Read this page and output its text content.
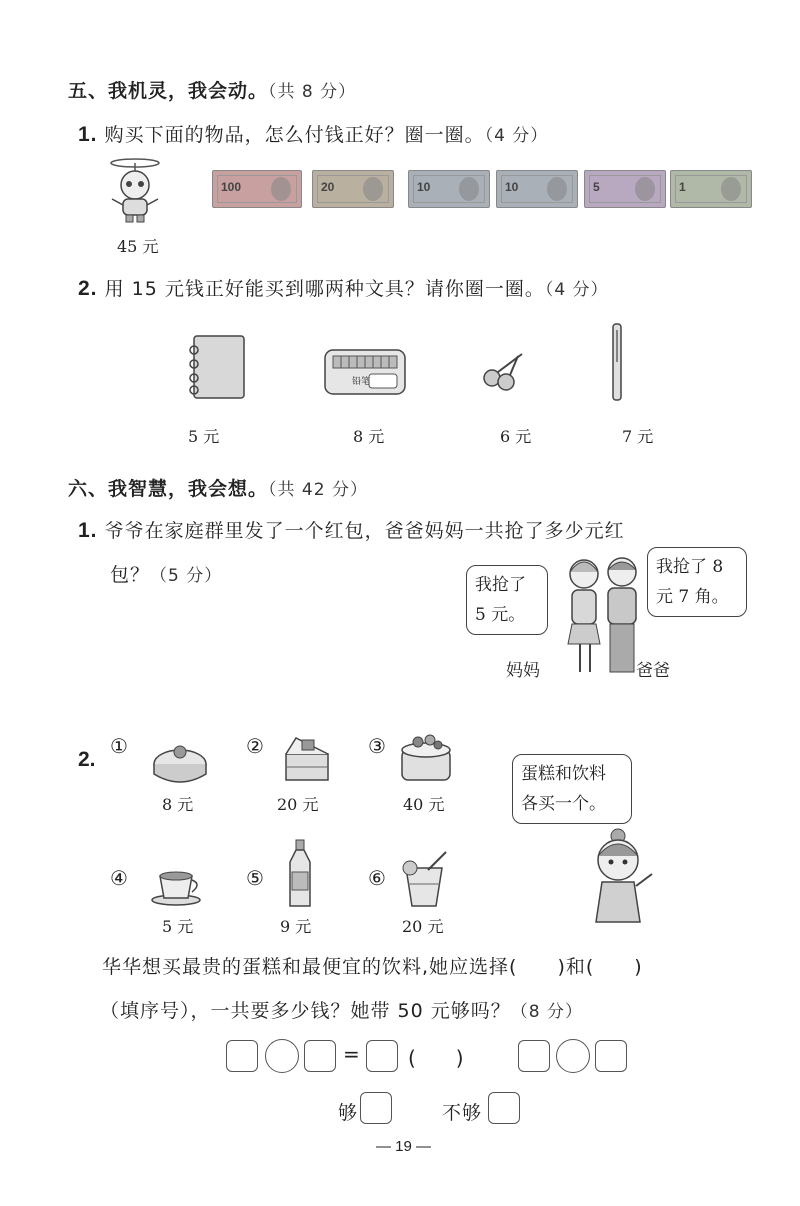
五、我机灵，我会动。（共 8 分）
1. 购买下面的物品，怎么付钱正好？圈一圈。（4 分）
45 元
100	20	10	10	5	1
2. 用 15 元钱正好能买到哪两种文具？请你圈一圈。（4 分）
铅笔
5 元	8 元	6 元	7 元
六、我智慧，我会想。（共 42 分）
1. 爷爷在家庭群里发了一个红包，爸爸妈妈一共抢了多少元红
包？（5 分）	我抢了
5 元。
我抢了 8
元 7 角。
妈妈	爸爸
2.
①
8 元
②
20 元
③
40 元
④
5 元
⑤
9 元
⑥
20 元
蛋糕和饮料
各买一个。
华华想买最贵的蛋糕和最便宜的饮料,她应选择(　　)和(　　)
（填序号），一共要多少钱？她带 50 元够吗？（8 分）
= (　　)
够	不够
— 19 —
